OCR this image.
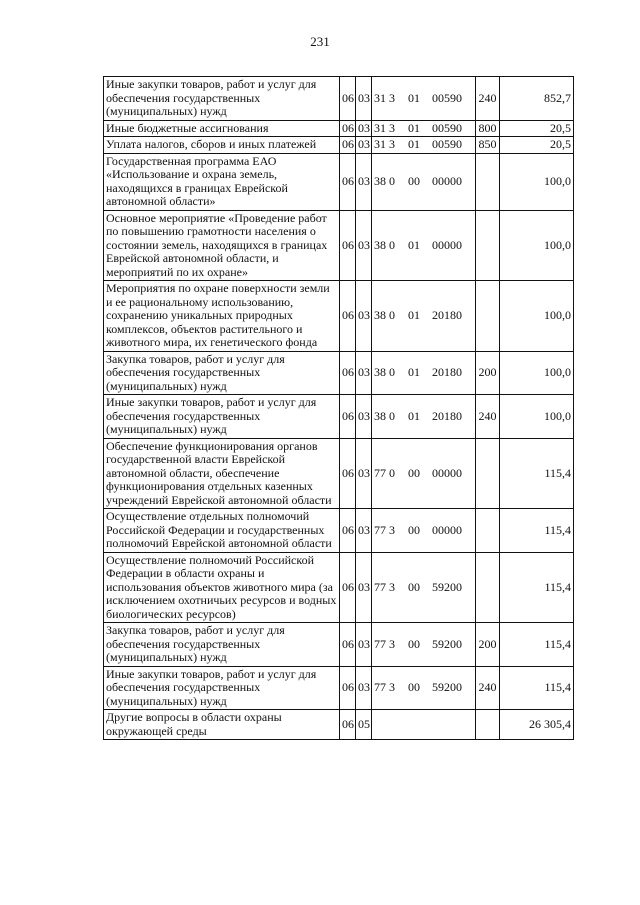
231
Иные закупки товаров, работ и услуг для обеспечения государственных (муниципальных) нужд	06	03	31 3 01 00590	240	852,7
Иные бюджетные ассигнования	06	03	31 3 01 00590	800	20,5
Уплата налогов, сборов и иных платежей	06	03	31 3 01 00590	850	20,5
Государственная программа ЕАО «Использование и охрана земель, находящихся в границах Еврейской автономной области»	06	03	38 0 00 00000		100,0
Основное мероприятие «Проведение работ по повышению грамотности населения о состоянии земель, находящихся в границах Еврейской автономной области, и мероприятий по их охране»	06	03	38 0 01 00000		100,0
Мероприятия по охране поверхности земли и ее рациональному использованию, сохранению уникальных природных комплексов, объектов растительного и животного мира, их генетического фонда	06	03	38 0 01 20180		100,0
Закупка товаров, работ и услуг для обеспечения государственных (муниципальных) нужд	06	03	38 0 01 20180	200	100,0
Иные закупки товаров, работ и услуг для обеспечения государственных (муниципальных) нужд	06	03	38 0 01 20180	240	100,0
Обеспечение функционирования органов государственной власти Еврейской автономной области, обеспечение функционирования отдельных казенных учреждений Еврейской автономной области	06	03	77 0 00 00000		115,4
Осуществление отдельных полномочий Российской Федерации и государственных полномочий Еврейской автономной области	06	03	77 3 00 00000		115,4
Осуществление полномочий Российской Федерации в области охраны и использования объектов животного мира (за исключением охотничьих ресурсов и водных биологических ресурсов)	06	03	77 3 00 59200		115,4
Закупка товаров, работ и услуг для обеспечения государственных (муниципальных) нужд	06	03	77 3 00 59200	200	115,4
Иные закупки товаров, работ и услуг для обеспечения государственных (муниципальных) нужд	06	03	77 3 00 59200	240	115,4
Другие вопросы в области охраны окружающей среды	06	05			26 305,4
